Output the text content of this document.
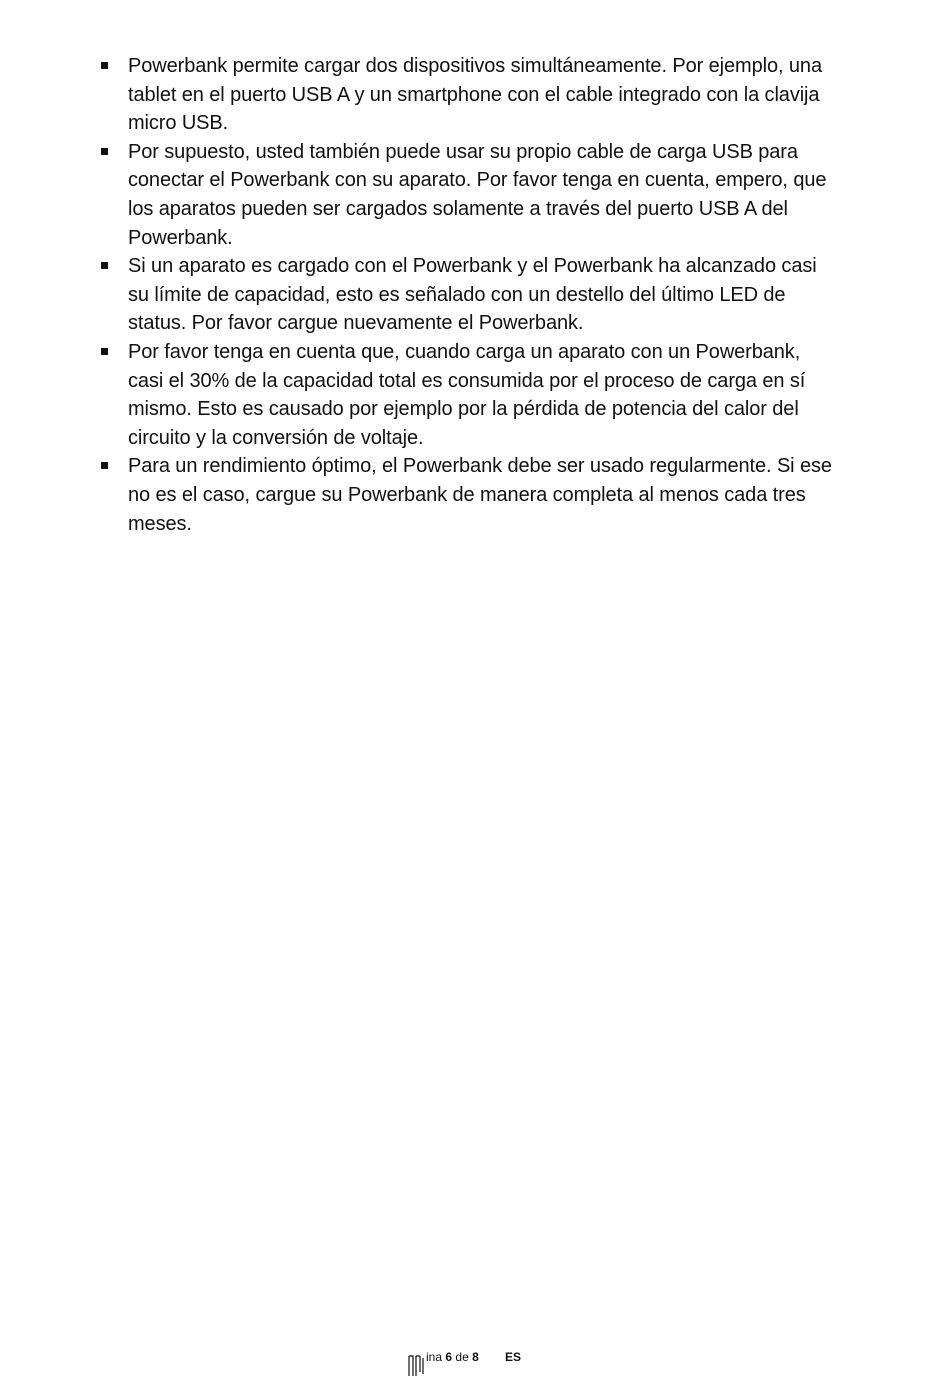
Powerbank permite cargar dos dispositivos simultáneamente. Por ejemplo, una tablet en el puerto USB A y un smartphone con el cable integrado con la clavija micro USB.
Por supuesto, usted también puede usar su propio cable de carga USB para conectar el Powerbank con su aparato. Por favor tenga en cuenta, empero, que los aparatos pueden ser cargados solamente a través del puerto USB A del Powerbank.
Si un aparato es cargado con el Powerbank y el Powerbank ha alcanzado casi su límite de capacidad, esto es señalado con un destello del último LED de status. Por favor cargue nuevamente el Powerbank.
Por favor tenga en cuenta que, cuando carga un aparato con un Powerbank, casi el 30% de la capacidad total es consumida por el proceso de carga en sí mismo. Esto es causado por ejemplo por la pérdida de potencia del calor del circuito y la conversión de voltaje.
Para un rendimiento óptimo, el Powerbank debe ser usado regularmente. Si ese no es el caso, cargue su Powerbank de manera completa al menos cada tres meses.
ina 6 de 8 ES
